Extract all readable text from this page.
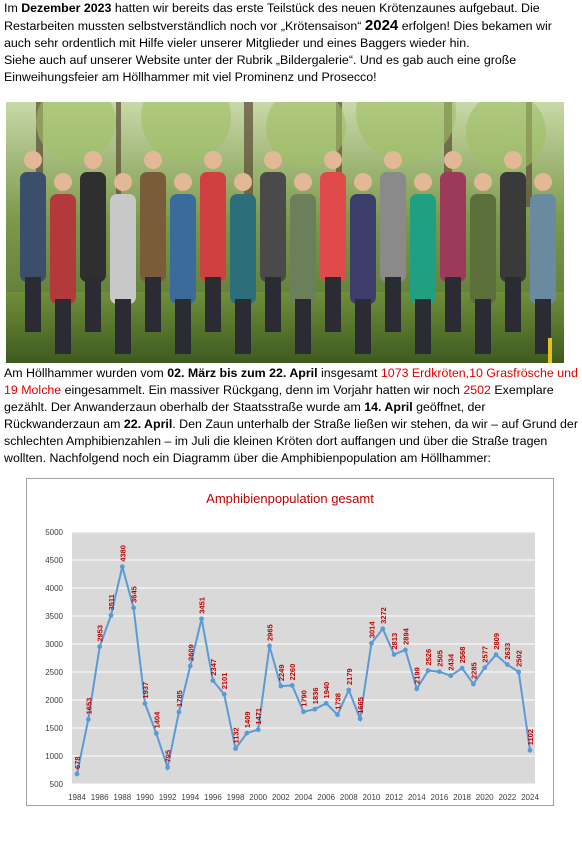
Im Dezember 2023 hatten wir bereits das erste Teilstück des neuen Krötenzaunes aufgebaut. Die Restarbeiten mussten selbstverständlich noch vor „Krötensaison“ 2024 erfolgen! Dies bekamen wir auch sehr ordentlich mit Hilfe vieler unserer Mitglieder und eines Baggers wieder hin.
Siehe auch auf unserer Website unter der Rubrik „Bildergalerie“. Und es gab auch eine große Einweihungsfeier am Höllhammer mit viel Prominenz und Prosecco!

Am Höllhammer wurden vom 02. März bis zum 22. April insgesamt 1073 Erdkröten,10 Grasfrösche und 19 Molche eingesammelt. Ein massiver Rückgang, denn im Vorjahr hatten wir noch 2502 Exemplare gezählt. Der Anwanderzaun oberhalb der Staatsstraße wurde am 14. April geöffnet, der Rückwanderzaun am 22. April. Den Zaun unterhalb der Straße ließen wir stehen, da wir – auf Grund der schlechten Amphibienzahlen – im Juli die kleinen Kröten dort auffangen und über die Straße tragen wollten. Nachfolgend noch ein Diagramm über die Amphibienpopulation am Höllhammer:

Amphibienpopulation gesamt
500
1000
1500
2000
2500
3000
3500
4000
4500
5000
1984 1986 1988 1990 1992 1994 1996 1998 2000 2002 2004 2006 2008 2010 2012 2014 2016 2018 2020 2022 2024
678
1653
2953
3511
4380
3645
1937
1404
795
1785
2609
3451
2347
2101
1132
1409 1471
2965
2249 2260
1790 1836 1940
1738
2179
1665
3014
3272
2813 2894
2199
2526 2505 2434 2568
2285
2577
2809
2633 2502
1102
